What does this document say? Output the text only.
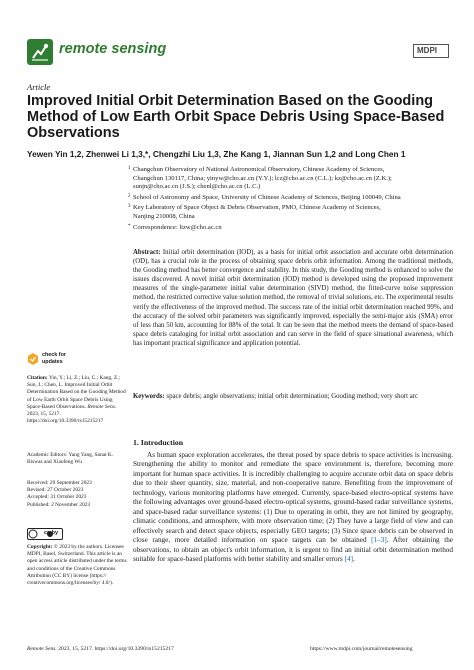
remote sensing	MDPI
Article
Improved Initial Orbit Determination Based on the Gooding Method of Low Earth Orbit Space Debris Using Space-Based Observations
Yewen Yin 1,2, Zhenwei Li 1,3,*, Chengzhi Liu 1,3, Zhe Kang 1, Jiannan Sun 1,2 and Long Chen 1
1 Changchun Observatory of National Astronomical Observatory, Chinese Academy of Sciences,
Changchun 130117, China; yinyw@cho.ac.cn (Y.Y.); lcz@cho.ac.cn (C.L.); kz@cho.ac.cn (Z.K.);
sunjn@cho.ac.cn (J.S.); chenl@cho.ac.cn (L.C.)
2 School of Astronomy and Space, University of Chinese Academy of Sciences, Beijing 100049, China
3 Key Laboratory of Space Object & Debris Observation, PMO, Chinese Academy of Sciences,
Nanjing 210008, China
* Correspondence: lizw@cho.ac.cn
Abstract: Initial orbit determination (IOD), as a basis for initial orbit association and accurate orbit determination (OD), has a crucial role in the process of obtaining space debris orbit information. Among the traditional methods, the Gooding method has better convergence and stability. In this study, the Gooding method is enhanced to solve the issues discovered. A novel initial orbit determination (IOD) method is developed using the proposed improvement measures of the single-parameter initial value determination (SIVD) method, the fitted-curve noise suppression method, the restricted corrective value solution method, the removal of trivial solutions, etc. The experimental results verify the effectiveness of the improved method. The success rate of the initial orbit determination reached 99%, and the accuracy of the solved orbit parameters was significantly improved, especially the semi-major axis (SMA) error of less than 50 km, accounting for 88% of the total. It can be seen that the method meets the demand of space-based space debris cataloging for initial orbit association and can serve in the field of space situational awareness, which has important practical significance and application potential.
Keywords: space debris; angle observations; initial orbit determination; Gooding method; very short arc
1. Introduction
As human space exploration accelerates, the threat posed by space debris to space activities is increasing. Strengthening the ability to monitor and remediate the space environment is, therefore, becoming more important for human space activities. It is incredibly challenging to acquire accurate orbit data on space debris due to their sheer quantity, size, material, and non-cooperative nature. Benefiting from the improvement of technology, various monitoring platforms have emerged. Currently, space-based electro-optical systems have the following advantages over ground-based electro-optical systems, ground-based radar surveillance systems, and space-based radar surveillance systems: (1) Due to operating in orbit, they are not limited by geography, climatic conditions, and atmosphere, with more observation time; (2) They have a large field of view and can effectively search and detect space objects, especially GEO targets; (3) Since space debris can be observed in close range, more detailed information on space targets can be obtained [1–3]. After obtaining the observations, to obtain an object's orbit information, it is urgent to find an initial orbit determination method suitable for space-based platforms with better stability and smaller errors [4].
check for updates
Citation: Yin, Y.; Li, Z.; Liu, C.; Kang, Z.; Sun, J.; Chen, L. Improved Initial Orbit Determination Based on the Gooding Method of Low Earth Orbit Space Debris Using Space-Based Observations. Remote Sens. 2023, 15, 5217. https://doi.org/10.3390/rs15215217
Academic Editors: Yang Yang, Sanat K. Biswas and Xiaofeng Wu
Received: 29 September 2023
Revised: 27 October 2023
Accepted: 31 October 2023
Published: 2 November 2023
cc by
Copyright: © 2023 by the authors. Licensee MDPI, Basel, Switzerland. This article is an open access article distributed under the terms and conditions of the Creative Commons Attribution (CC BY) license (https:// creativecommons.org/licenses/by/ 4.0/).
Remote Sens. 2023, 15, 5217. https://doi.org/10.3390/rs15215217	https://www.mdpi.com/journal/remotesensing
